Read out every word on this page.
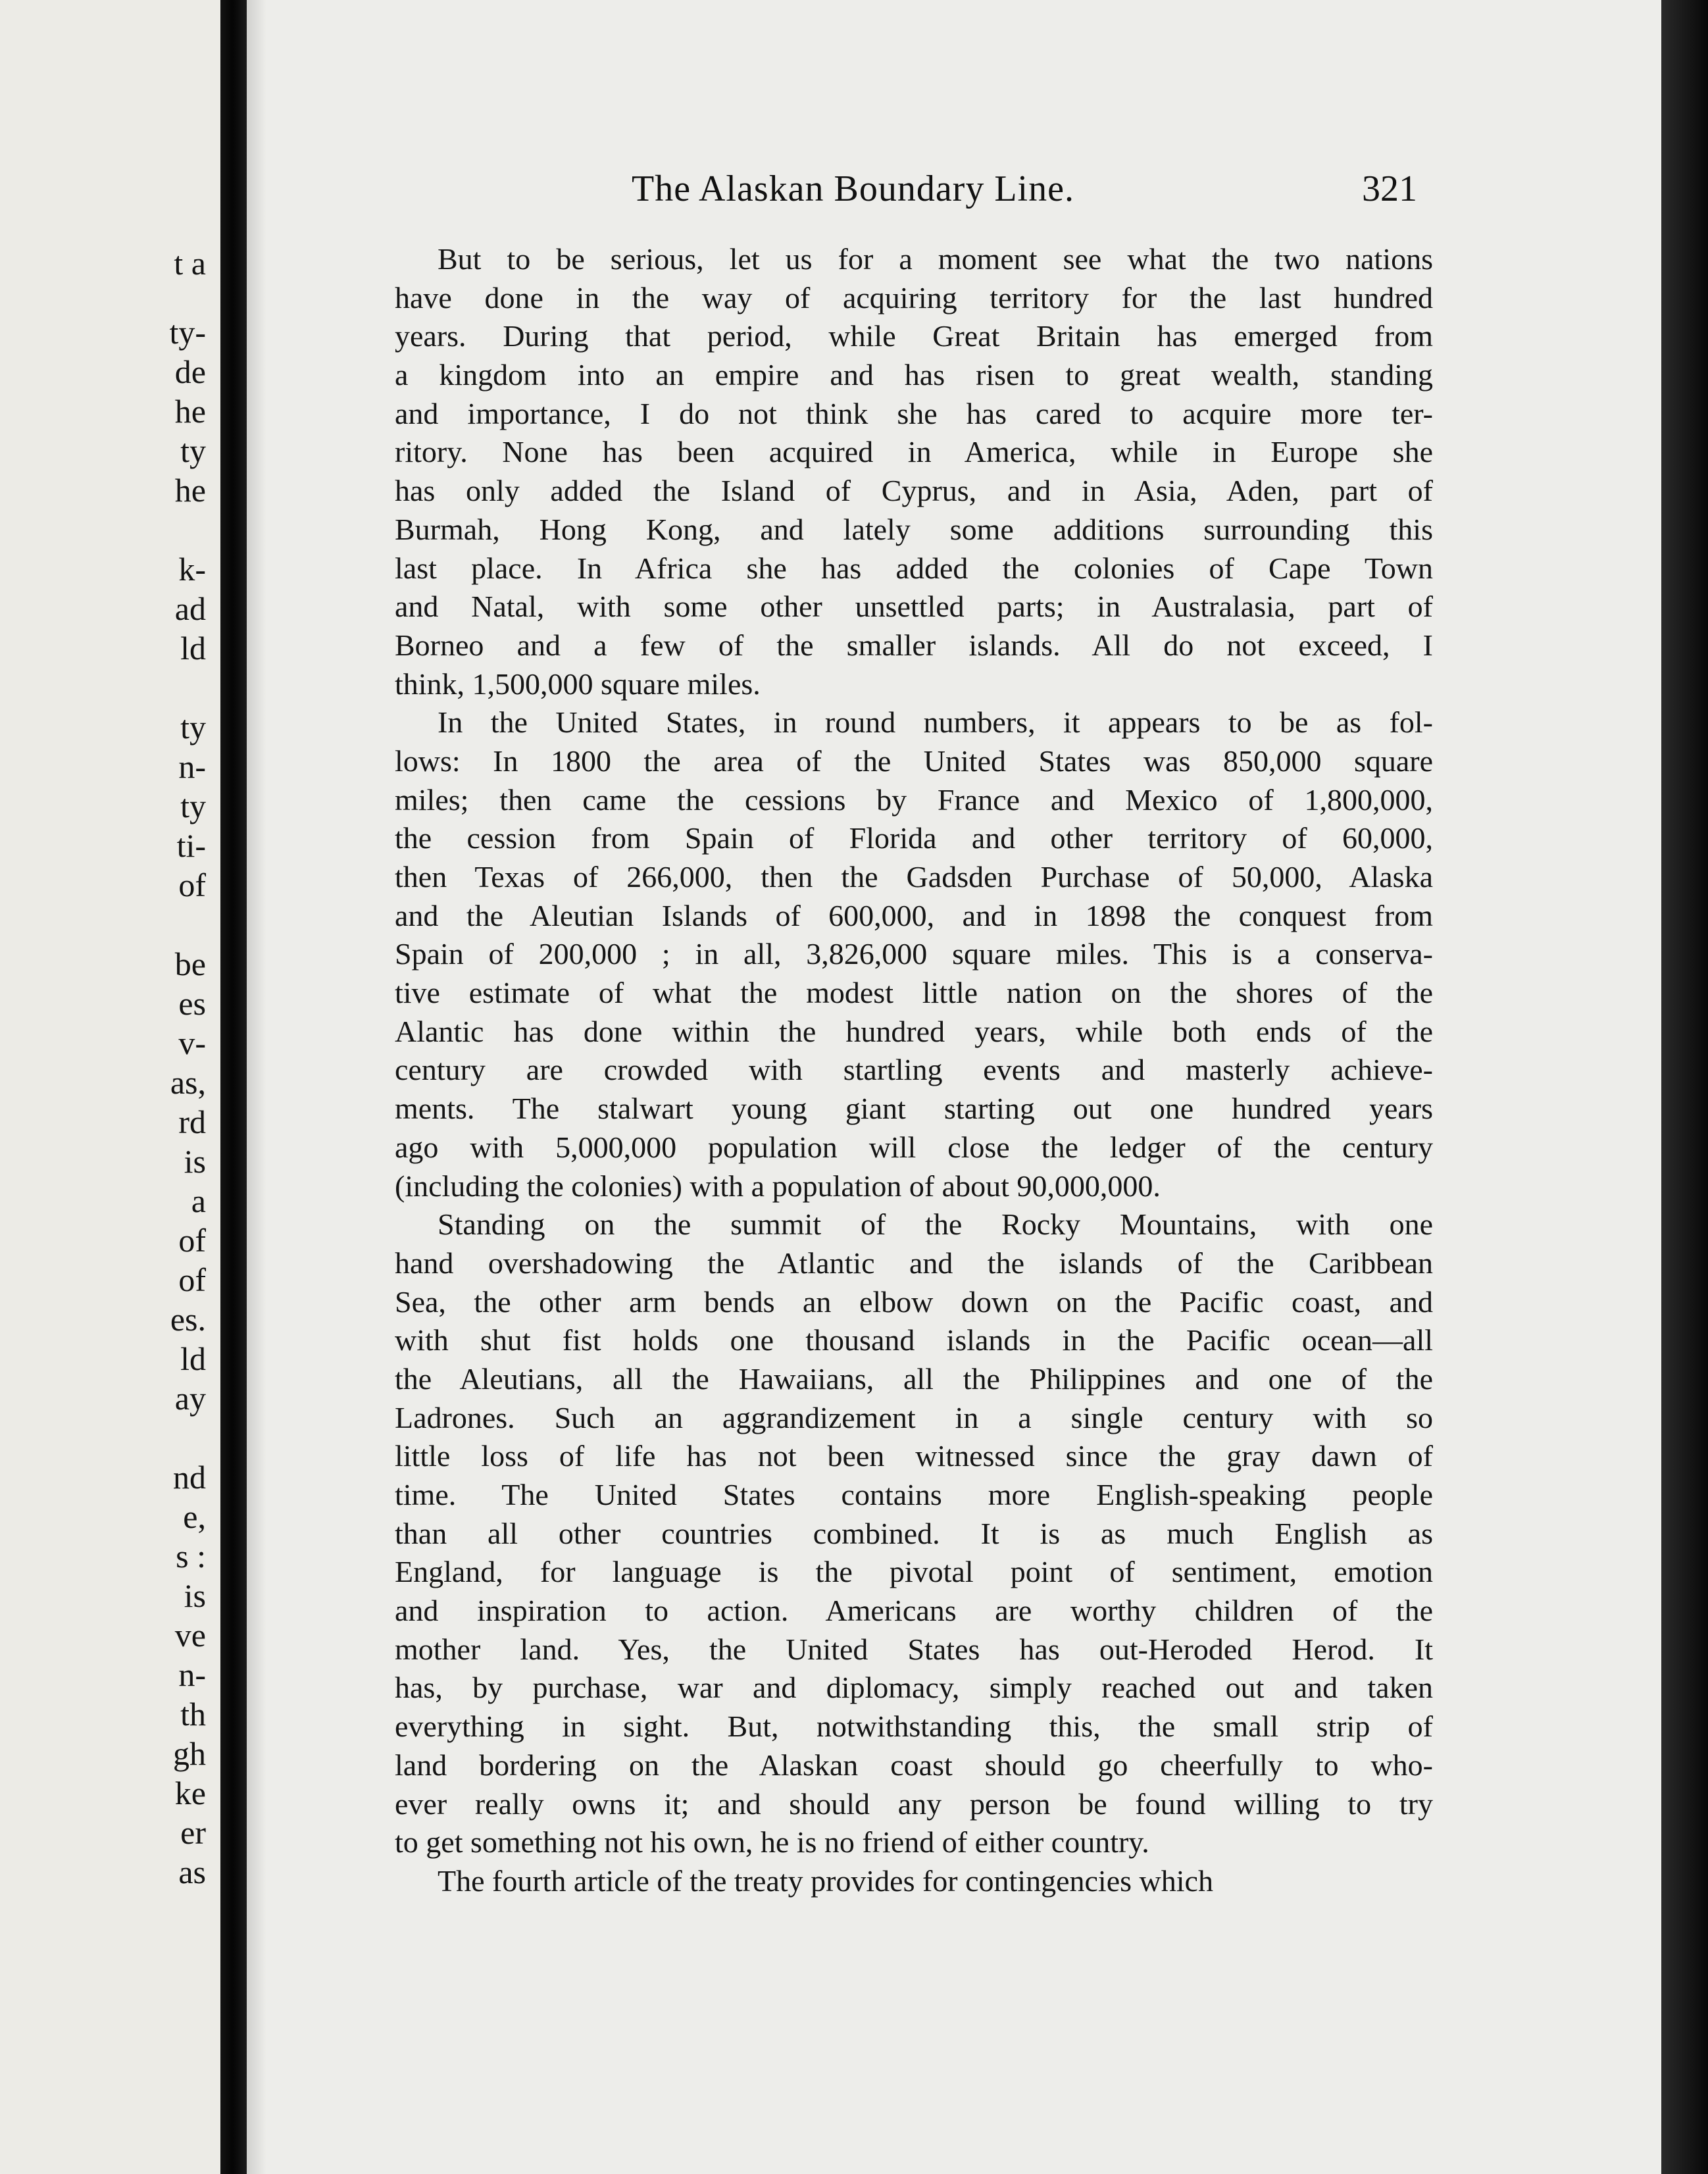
t a
ty-
de
he
ty
he
k-
ad
ld
ty
n-
ty
ti-
of
be
es
v-
as,
rd
is
a
of
of
es.
ld
ay
nd
e,
s :
is
ve
n-
th
gh
ke
er
as
The Alaskan Boundary Line.	321
But to be serious, let us for a moment see what the two nations
have done in the way of acquiring territory for the last hundred
years. During that period, while Great Britain has emerged from
a kingdom into an empire and has risen to great wealth, standing
and importance, I do not think she has cared to acquire more ter-
ritory. None has been acquired in America, while in Europe she
has only added the Island of Cyprus, and in Asia, Aden, part of
Burmah, Hong Kong, and lately some additions surrounding this
last place. In Africa she has added the colonies of Cape Town
and Natal, with some other unsettled parts; in Australasia, part of
Borneo and a few of the smaller islands. All do not exceed, I
think, 1,500,000 square miles.
In the United States, in round numbers, it appears to be as fol-
lows: In 1800 the area of the United States was 850,000 square
miles; then came the cessions by France and Mexico of 1,800,000,
the cession from Spain of Florida and other territory of 60,000,
then Texas of 266,000, then the Gadsden Purchase of 50,000, Alaska
and the Aleutian Islands of 600,000, and in 1898 the conquest from
Spain of 200,000 ; in all, 3,826,000 square miles. This is a conserva-
tive estimate of what the modest little nation on the shores of the
Alantic has done within the hundred years, while both ends of the
century are crowded with startling events and masterly achieve-
ments. The stalwart young giant starting out one hundred years
ago with 5,000,000 population will close the ledger of the century
(including the colonies) with a population of about 90,000,000.
Standing on the summit of the Rocky Mountains, with one
hand overshadowing the Atlantic and the islands of the Caribbean
Sea, the other arm bends an elbow down on the Pacific coast, and
with shut fist holds one thousand islands in the Pacific ocean—all
the Aleutians, all the Hawaiians, all the Philippines and one of the
Ladrones. Such an aggrandizement in a single century with so
little loss of life has not been witnessed since the gray dawn of
time. The United States contains more English-speaking people
than all other countries combined. It is as much English as
England, for language is the pivotal point of sentiment, emotion
and inspiration to action. Americans are worthy children of the
mother land. Yes, the United States has out-Heroded Herod. It
has, by purchase, war and diplomacy, simply reached out and taken
everything in sight. But, notwithstanding this, the small strip of
land bordering on the Alaskan coast should go cheerfully to who-
ever really owns it; and should any person be found willing to try
to get something not his own, he is no friend of either country.
The fourth article of the treaty provides for contingencies which
